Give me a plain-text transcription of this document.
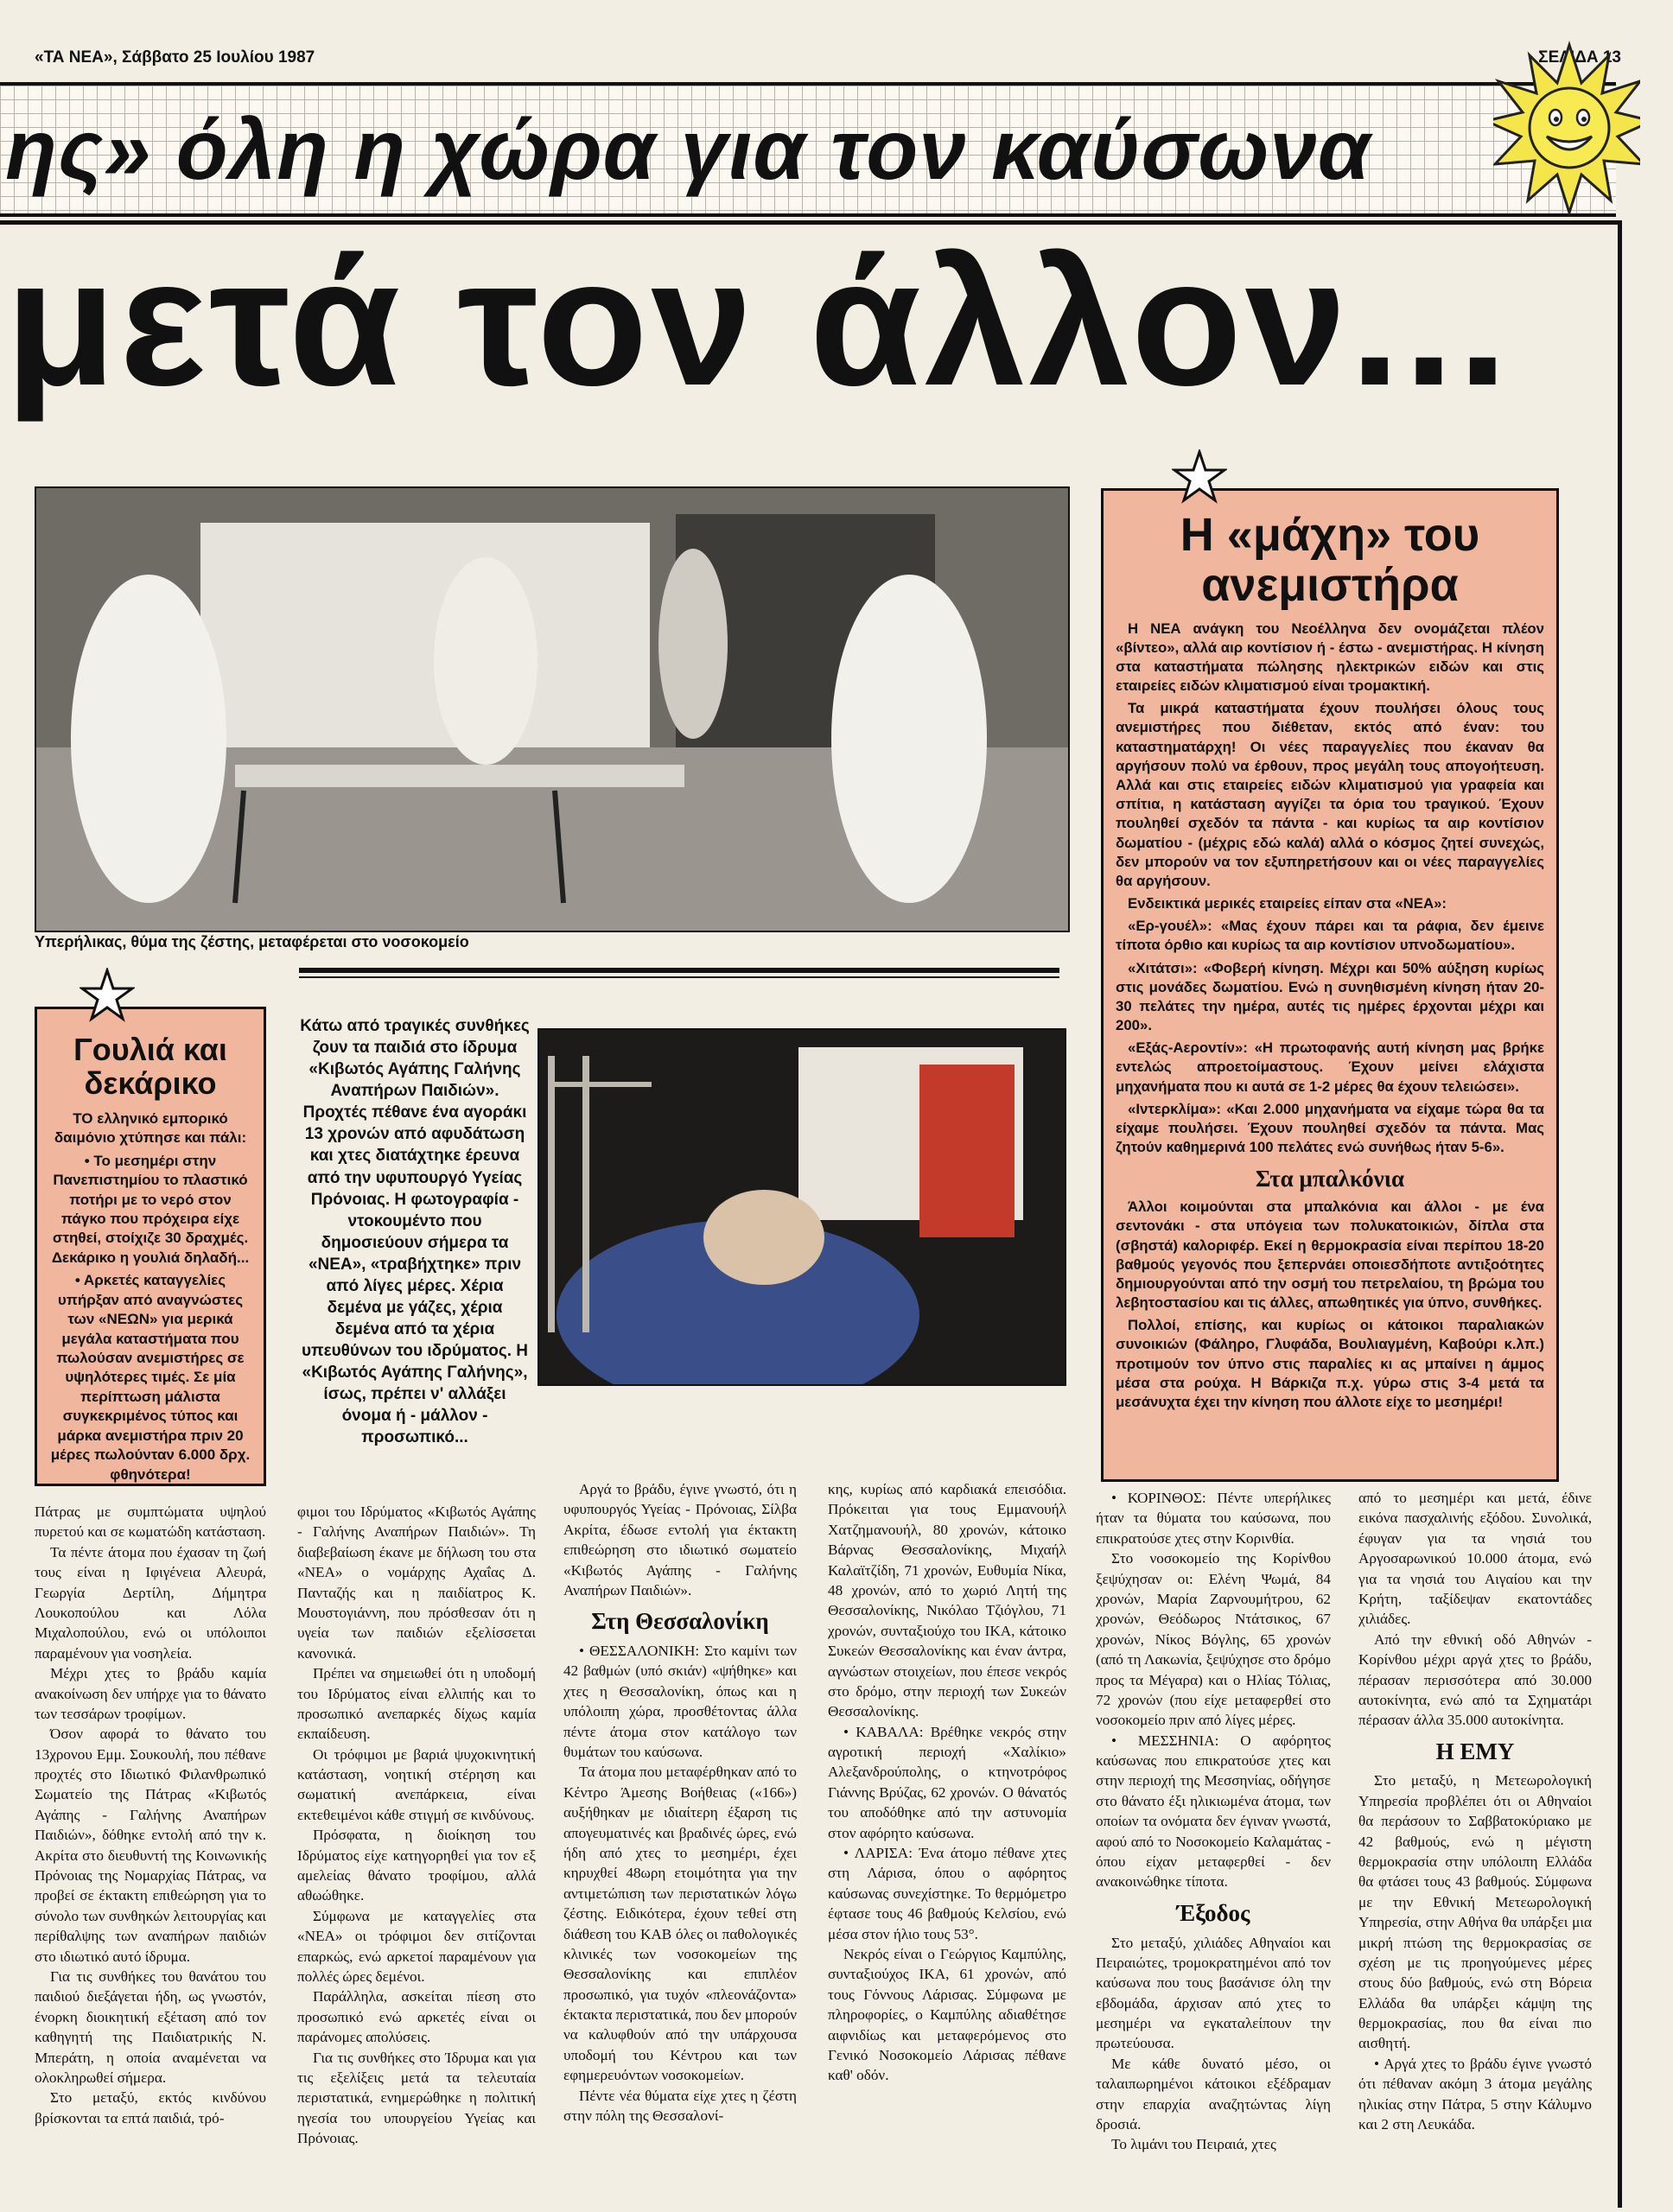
«ΤΑ ΝΕΑ», Σάββατο 25 Ιουλίου 1987	ΣΕΛΙΔΑ 13
ης» όλη η χώρα για τον καύσωνα
μετά τον άλλον...
Υπερήλικας, θύμα της ζέστης, μεταφέρεται στο νοσοκομείο
Γουλιά και
δεκάρικο

ΤΟ ελληνικό εμπορικό δαιμόνιο χτύπησε και πάλι:

• Το μεσημέρι στην Πανεπιστημίου το πλαστικό ποτήρι με το νερό στον πάγκο που πρόχειρα είχε στηθεί, στοίχιζε 30 δραχμές. Δεκάρικο η γουλιά δηλαδή...

• Αρκετές καταγγελίες υπήρξαν από αναγνώστες των «ΝΕΩΝ» για μερικά μεγάλα καταστήματα που πωλούσαν ανεμιστήρες σε υψηλότερες τιμές. Σε μία περίπτωση μάλιστα συγκεκριμένος τύπος και μάρκα ανεμιστήρα πριν 20 μέρες πωλούνταν 6.000 δρχ. φθηνότερα!

Κάτω από τραγικές συνθήκες ζουν τα παιδιά στο ίδρυμα «Κιβωτός Αγάπης Γαλήνης Αναπήρων Παιδιών». Προχτές πέθανε ένα αγοράκι 13 χρονών από αφυδάτωση και χτες διατάχτηκε έρευνα από την υφυπουργό Υγείας Πρόνοιας. Η φωτογραφία - ντοκουμέντο που δημοσιεύουν σήμερα τα «ΝΕΑ», «τραβήχτηκε» πριν από λίγες μέρες. Χέρια δεμένα με γάζες, χέρια δεμένα από τα χέρια υπευθύνων του ιδρύματος. Η «Κιβωτός Αγάπης Γαλήνης», ίσως, πρέπει ν' αλλάξει όνομα ή - μάλλον - προσωπικό...
Η «μάχη» του
ανεμιστήρα

Η ΝΕΑ ανάγκη του Νεοέλληνα δεν ονομάζεται πλέον «βίντεο», αλλά αιρ κοντίσιον ή - έστω - ανεμιστήρας. Η κίνηση στα καταστήματα πώλησης ηλεκτρικών ειδών και στις εταιρείες ειδών κλιματισμού είναι τρομακτική.

Τα μικρά καταστήματα έχουν πουλήσει όλους τους ανεμιστήρες που διέθεταν, εκτός από έναν: του καταστηματάρχη! Οι νέες παραγγελίες που έκαναν θα αργήσουν πολύ να έρθουν, προς μεγάλη τους απογοήτευση. Αλλά και στις εταιρείες ειδών κλιματισμού για γραφεία και σπίτια, η κατάσταση αγγίζει τα όρια του τραγικού. Έχουν πουληθεί σχεδόν τα πάντα - και κυρίως τα αιρ κοντίσιον δωματίου - (μέχρις εδώ καλά) αλλά ο κόσμος ζητεί συνεχώς, δεν μπορούν να τον εξυπηρετήσουν και οι νέες παραγγελίες θα αργήσουν.

Ενδεικτικά μερικές εταιρείες είπαν στα «ΝΕΑ»:

«Ερ-γουέλ»: «Μας έχουν πάρει και τα ράφια, δεν έμεινε τίποτα όρθιο και κυρίως τα αιρ κοντίσιον υπνοδωματίου».

«Χιτάτσι»: «Φοβερή κίνηση. Μέχρι και 50% αύξηση κυρίως στις μονάδες δωματίου. Ενώ η συνηθισμένη κίνηση ήταν 20-30 πελάτες την ημέρα, αυτές τις ημέρες έρχονται μέχρι και 200».

«Εξάς-Αεροντίν»: «Η πρωτοφανής αυτή κίνηση μας βρήκε εντελώς απροετοίμαστους. Έχουν μείνει ελάχιστα μηχανήματα που κι αυτά σε 1-2 μέρες θα έχουν τελειώσει».

«Ιντερκλίμα»: «Και 2.000 μηχανήματα να είχαμε τώρα θα τα είχαμε πουλήσει. Έχουν πουληθεί σχεδόν τα πάντα. Μας ζητούν καθημερινά 100 πελάτες ενώ συνήθως ήταν 5-6».

Στα μπαλκόνια

Άλλοι κοιμούνται στα μπαλκόνια και άλλοι - με ένα σεντονάκι - στα υπόγεια των πολυκατοικιών, δίπλα στα (σβηστά) καλοριφέρ. Εκεί η θερμοκρασία είναι περίπου 18-20 βαθμούς γεγονός που ξεπερνάει οποιεσδήποτε αντιξοότητες δημιουργούνται από την οσμή του πετρελαίου, τη βρώμα του λεβητοστασίου και τις άλλες, απωθητικές για ύπνο, συνθήκες.

Πολλοί, επίσης, και κυρίως οι κάτοικοι παραλιακών συνοικιών (Φάληρο, Γλυφάδα, Βουλιαγμένη, Καβούρι κ.λπ.) προτιμούν τον ύπνο στις παραλίες κι ας μπαίνει η άμμος μέσα στα ρούχα. Η Βάρκιζα π.χ. γύρω στις 3-4 μετά τα μεσάνυχτα έχει την κίνηση που άλλοτε είχε το μεσημέρι!

Πάτρας με συμπτώματα υψηλού πυρετού και σε κωματώδη κατάσταση.

Τα πέντε άτομα που έχασαν τη ζωή τους είναι η Ιφιγένεια Αλευρά, Γεωργία Δερτίλη, Δήμητρα Λουκοπούλου και Λόλα Μιχαλοπούλου, ενώ οι υπόλοιποι παραμένουν για νοσηλεία.

Μέχρι χτες το βράδυ καμία ανακοίνωση δεν υπήρχε για το θάνατο των τεσσάρων τροφίμων.

Όσον αφορά το θάνατο του 13χρονου Εμμ. Σουκουλή, που πέθανε προχτές στο Ιδιωτικό Φιλανθρωπικό Σωματείο της Πάτρας «Κιβωτός Αγάπης - Γαλήνης Αναπήρων Παιδιών», δόθηκε εντολή από την κ. Ακρίτα στο διευθυντή της Κοινωνικής Πρόνοιας της Νομαρχίας Πάτρας, να προβεί σε έκτακτη επιθεώρηση για το σύνολο των συνθηκών λειτουργίας και περίθαλψης των αναπήρων παιδιών στο ιδιωτικό αυτό ίδρυμα.

Για τις συνθήκες του θανάτου του παιδιού διεξάγεται ήδη, ως γνωστόν, ένορκη διοικητική εξέταση από τον καθηγητή της Παιδιατρικής Ν. Μπεράτη, η οποία αναμένεται να ολοκληρωθεί σήμερα.

Στο μεταξύ, εκτός κινδύνου βρίσκονται τα επτά παιδιά, τρό-

φιμοι του Ιδρύματος «Κιβωτός Αγάπης - Γαλήνης Αναπήρων Παιδιών». Τη διαβεβαίωση έκανε με δήλωση του στα «ΝΕΑ» ο νομάρχης Αχαΐας Δ. Πανταζής και η παιδίατρος Κ. Μουστογιάννη, που πρόσθεσαν ότι η υγεία των παιδιών εξελίσσεται κανονικά.

Πρέπει να σημειωθεί ότι η υποδομή του Ιδρύματος είναι ελλιπής και το προσωπικό ανεπαρκές δίχως καμία εκπαίδευση.

Οι τρόφιμοι με βαριά ψυχοκινητική κατάσταση, νοητική στέρηση και σωματική ανεπάρκεια, είναι εκτεθειμένοι κάθε στιγμή σε κινδύνους.

Πρόσφατα, η διοίκηση του Ιδρύματος είχε κατηγορηθεί για τον εξ αμελείας θάνατο τροφίμου, αλλά αθωώθηκε.

Σύμφωνα με καταγγελίες στα «ΝΕΑ» οι τρόφιμοι δεν σιτίζονται επαρκώς, ενώ αρκετοί παραμένουν για πολλές ώρες δεμένοι.

Παράλληλα, ασκείται πίεση στο προσωπικό ενώ αρκετές είναι οι παράνομες απολύσεις.

Για τις συνθήκες στο Ίδρυμα και για τις εξελίξεις μετά τα τελευταία περιστατικά, ενημερώθηκε η πολιτική ηγεσία του υπουργείου Υγείας και Πρόνοιας.

Αργά το βράδυ, έγινε γνωστό, ότι η υφυπουργός Υγείας - Πρόνοιας, Σίλβα Ακρίτα, έδωσε εντολή για έκτακτη επιθεώρηση στο ιδιωτικό σωματείο «Κιβωτός Αγάπης - Γαλήνης Αναπήρων Παιδιών».

Στη Θεσσαλονίκη

• ΘΕΣΣΑΛΟΝΙΚΗ: Στο καμίνι των 42 βαθμών (υπό σκιάν) «ψήθηκε» και χτες η Θεσσαλονίκη, όπως και η υπόλοιπη χώρα, προσθέτοντας άλλα πέντε άτομα στον κατάλογο των θυμάτων του καύσωνα.

Τα άτομα που μεταφέρθηκαν από το Κέντρο Άμεσης Βοήθειας («166») αυξήθηκαν με ιδιαίτερη έξαρση τις απογευματινές και βραδινές ώρες, ενώ ήδη από χτες το μεσημέρι, έχει κηρυχθεί 48ωρη ετοιμότητα για την αντιμετώπιση των περιστατικών λόγω ζέστης. Ειδικότερα, έχουν τεθεί στη διάθεση του ΚΑΒ όλες οι παθολογικές κλινικές των νοσοκομείων της Θεσσαλονίκης και επιπλέον προσωπικό, για τυχόν «πλεονάζοντα» έκτακτα περιστατικά, που δεν μπορούν να καλυφθούν από την υπάρχουσα υποδομή του Κέντρου και των εφημερευόντων νοσοκομείων.

Πέντε νέα θύματα είχε χτες η ζέστη στην πόλη της Θεσσαλονί-

κης, κυρίως από καρδιακά επεισόδια. Πρόκειται για τους Εμμανουήλ Χατζημανουήλ, 80 χρονών, κάτοικο Βάρνας Θεσσαλονίκης, Μιχαήλ Καλαϊτζίδη, 71 χρονών, Ευθυμία Νίκα, 48 χρονών, από το χωριό Λητή της Θεσσαλονίκης, Νικόλαο Τζιόγλου, 71 χρονών, συνταξιούχο του ΙΚΑ, κάτοικο Συκεών Θεσσαλονίκης και έναν άντρα, αγνώστων στοιχείων, που έπεσε νεκρός στο δρόμο, στην περιοχή των Συκεών Θεσσαλονίκης.

• ΚΑΒΑΛΑ: Βρέθηκε νεκρός στην αγροτική περιοχή «Χαλίκιο» Αλεξανδρούπολης, ο κτηνοτρόφος Γιάννης Βρύζας, 62 χρονών. Ο θάνατός του αποδόθηκε από την αστυνομία στον αφόρητο καύσωνα.

• ΛΑΡΙΣΑ: Ένα άτομο πέθανε χτες στη Λάρισα, όπου ο αφόρητος καύσωνας συνεχίστηκε. Το θερμόμετρο έφτασε τους 46 βαθμούς Κελσίου, ενώ μέσα στον ήλιο τους 53°.

Νεκρός είναι ο Γεώργιος Καμπύλης, συνταξιούχος ΙΚΑ, 61 χρονών, από τους Γόννους Λάρισας. Σύμφωνα με πληροφορίες, ο Καμπύλης αδιαθέτησε αιφνιδίως και μεταφερόμενος στο Γενικό Νοσοκομείο Λάρισας πέθανε καθ' οδόν.

• ΚΟΡΙΝΘΟΣ: Πέντε υπερήλικες ήταν τα θύματα του καύσωνα, που επικρατούσε χτες στην Κορινθία.

Στο νοσοκομείο της Κορίνθου ξεψύχησαν οι: Ελένη Ψωμά, 84 χρονών, Μαρία Ζαρνουμήτρου, 62 χρονών, Θεόδωρος Ντάτσικος, 67 χρονών, Νίκος Βόγλης, 65 χρονών (από τη Λακωνία, ξεψύχησε στο δρόμο προς τα Μέγαρα) και ο Ηλίας Τόλιας, 72 χρονών (που είχε μεταφερθεί στο νοσοκομείο πριν από λίγες μέρες.

• ΜΕΣΣΗΝΙΑ: Ο αφόρητος καύσωνας που επικρατούσε χτες και στην περιοχή της Μεσσηνίας, οδήγησε στο θάνατο έξι ηλικιωμένα άτομα, των οποίων τα ονόματα δεν έγιναν γνωστά, αφού από το Νοσοκομείο Καλαμάτας - όπου είχαν μεταφερθεί - δεν ανακοινώθηκε τίποτα.

Έξοδος

Στο μεταξύ, χιλιάδες Αθηναίοι και Πειραιώτες, τρομοκρατημένοι από τον καύσωνα που τους βασάνισε όλη την εβδομάδα, άρχισαν από χτες το μεσημέρι να εγκαταλείπουν την πρωτεύουσα.

Με κάθε δυνατό μέσο, οι ταλαιπωρημένοι κάτοικοι εξέδραμαν στην επαρχία αναζητώντας λίγη δροσιά.

Το λιμάνι του Πειραιά, χτες

από το μεσημέρι και μετά, έδινε εικόνα πασχαλινής εξόδου. Συνολικά, έφυγαν για τα νησιά του Αργοσαρωνικού 10.000 άτομα, ενώ για τα νησιά του Αιγαίου και την Κρήτη, ταξίδεψαν εκατοντάδες χιλιάδες.

Από την εθνική οδό Αθηνών - Κορίνθου μέχρι αργά χτες το βράδυ, πέρασαν περισσότερα από 30.000 αυτοκίνητα, ενώ από τα Σχηματάρι πέρασαν άλλα 35.000 αυτοκίνητα.

Η ΕΜΥ

Στο μεταξύ, η Μετεωρολογική Υπηρεσία προβλέπει ότι οι Αθηναίοι θα περάσουν το Σαββατοκύριακο με 42 βαθμούς, ενώ η μέγιστη θερμοκρασία στην υπόλοιπη Ελλάδα θα φτάσει τους 43 βαθμούς. Σύμφωνα με την Εθνική Μετεωρολογική Υπηρεσία, στην Αθήνα θα υπάρξει μια μικρή πτώση της θερμοκρασίας σε σχέση με τις προηγούμενες μέρες στους δύο βαθμούς, ενώ στη Βόρεια Ελλάδα θα υπάρξει κάμψη της θερμοκρασίας, που θα είναι πιο αισθητή.

• Αργά χτες το βράδυ έγινε γνωστό ότι πέθαναν ακόμη 3 άτομα μεγάλης ηλικίας στην Πάτρα, 5 στην Κάλυμνο και 2 στη Λευκάδα.
